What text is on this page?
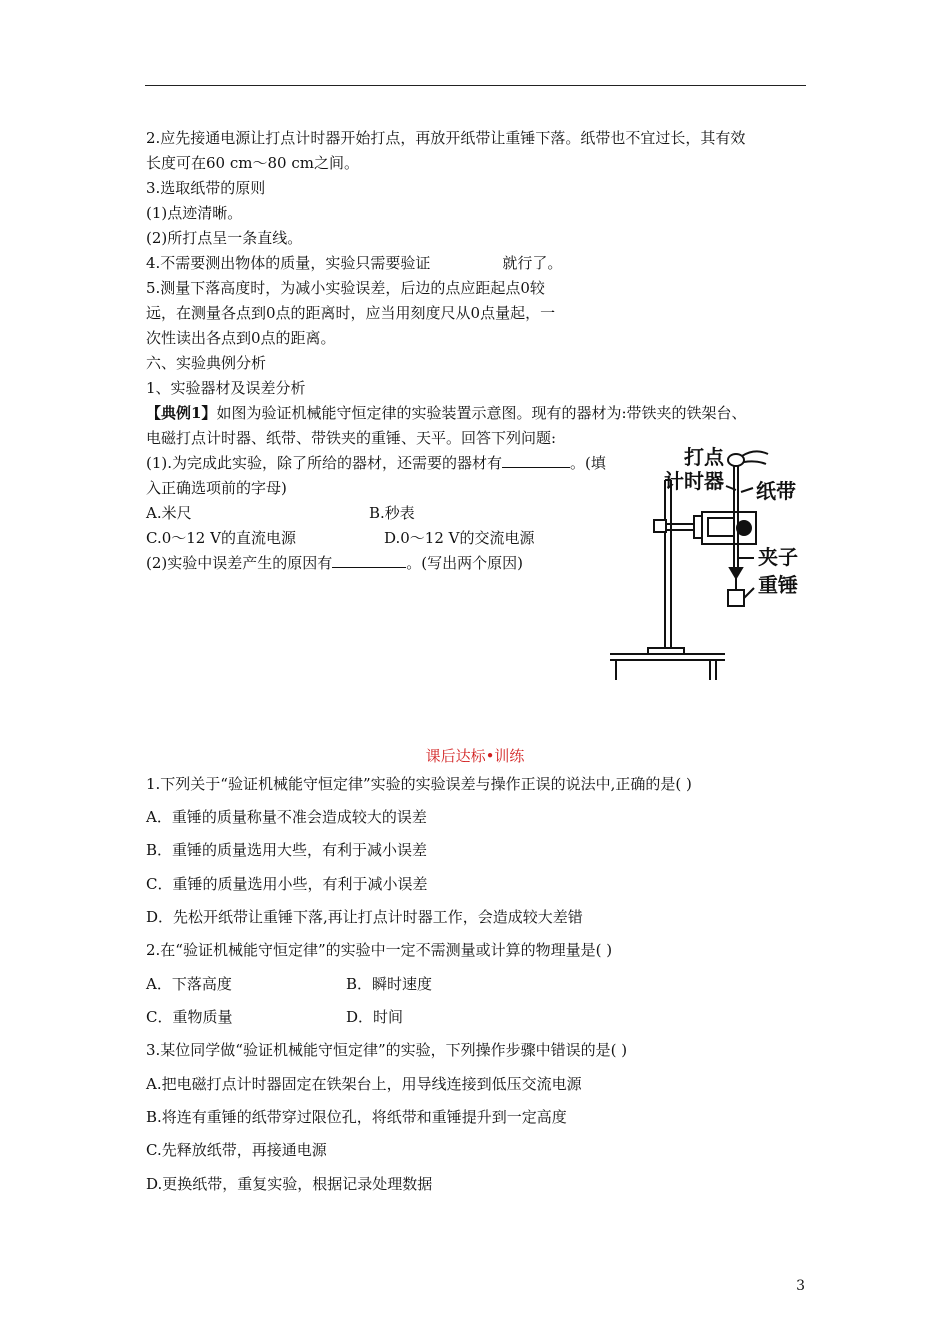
2.应先接通电源让打点计时器开始打点，再放开纸带让重锤下落。纸带也不宜过长，其有效
长度可在60 cm～80 cm之间。
3.选取纸带的原则
(1)点迹清晰。
(2)所打点呈一条直线。
4.不需要测出物体的质量，实验只需要验证	就行了。
5.测量下落高度时，为减小实验误差，后边的点应距起点0较
远，在测量各点到0点的距离时，应当用刻度尺从0点量起，一
次性读出各点到0点的距离。
六、实验典例分析
1、实验器材及误差分析
【典例1】如图为验证机械能守恒定律的实验装置示意图。现有的器材为:带铁夹的铁架台、
电磁打点计时器、纸带、带铁夹的重锤、天平。回答下列问题:
(1).为完成此实验，除了所给的器材，还需要的器材有	。(填
入正确选项前的字母)
A.米尺	B.秒表
C.0～12 V的直流电源	D.0～12 V的交流电源
(2)实验中误差产生的原因有	。(写出两个原因)
打点
计时器 纸带
夹子
重锤
课后达标•训练
1.下列关于“验证机械能守恒定律”实验的实验误差与操作正误的说法中,正确的是( )
A．重锤的质量称量不准会造成较大的误差
B．重锤的质量选用大些，有利于减小误差
C．重锤的质量选用小些，有利于减小误差
D．先松开纸带让重锤下落,再让打点计时器工作，会造成较大差错
2.在“验证机械能守恒定律”的实验中一定不需测量或计算的物理量是( )
A．下落高度	B．瞬时速度
C．重物质量	D．时间
3.某位同学做“验证机械能守恒定律”的实验，下列操作步骤中错误的是( )
A.把电磁打点计时器固定在铁架台上，用导线连接到低压交流电源
B.将连有重锤的纸带穿过限位孔，将纸带和重锤提升到一定高度
C.先释放纸带，再接通电源
D.更换纸带，重复实验，根据记录处理数据
3
